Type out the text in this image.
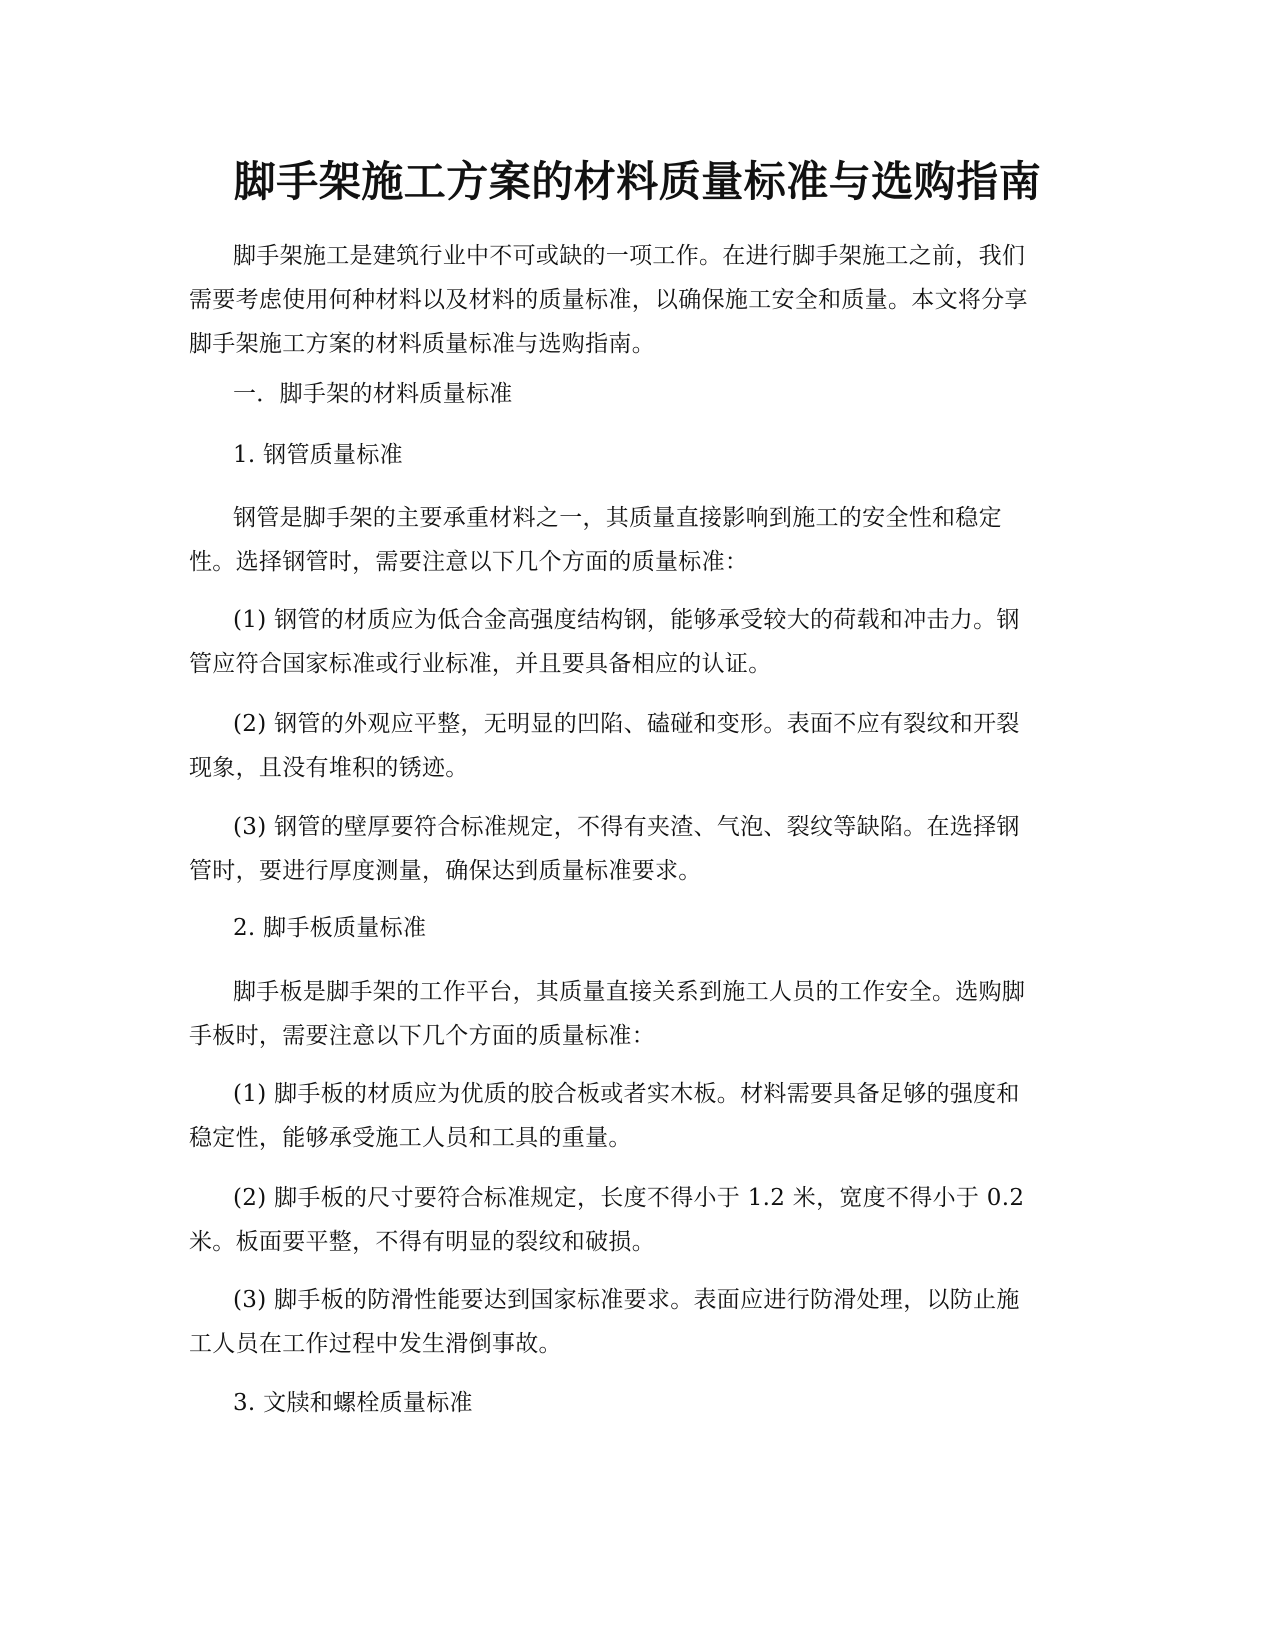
脚手架施工方案的材料质量标准与选购指南

脚手架施工是建筑行业中不可或缺的一项工作。在进行脚手架施工之前，我们
需要考虑使用何种材料以及材料的质量标准，以确保施工安全和质量。本文将分享
脚手架施工方案的材料质量标准与选购指南。

一．脚手架的材料质量标准

1. 钢管质量标准

钢管是脚手架的主要承重材料之一，其质量直接影响到施工的安全性和稳定
性。选择钢管时，需要注意以下几个方面的质量标准：

(1) 钢管的材质应为低合金高强度结构钢，能够承受较大的荷载和冲击力。钢
管应符合国家标准或行业标准，并且要具备相应的认证。

(2) 钢管的外观应平整，无明显的凹陷、磕碰和变形。表面不应有裂纹和开裂
现象，且没有堆积的锈迹。

(3) 钢管的壁厚要符合标准规定，不得有夹渣、气泡、裂纹等缺陷。在选择钢
管时，要进行厚度测量，确保达到质量标准要求。

2. 脚手板质量标准

脚手板是脚手架的工作平台，其质量直接关系到施工人员的工作安全。选购脚
手板时，需要注意以下几个方面的质量标准：

(1) 脚手板的材质应为优质的胶合板或者实木板。材料需要具备足够的强度和
稳定性，能够承受施工人员和工具的重量。

(2) 脚手板的尺寸要符合标准规定，长度不得小于 1.2 米，宽度不得小于 0.2
米。板面要平整，不得有明显的裂纹和破损。

(3) 脚手板的防滑性能要达到国家标准要求。表面应进行防滑处理，以防止施
工人员在工作过程中发生滑倒事故。

3. 文牍和螺栓质量标准
